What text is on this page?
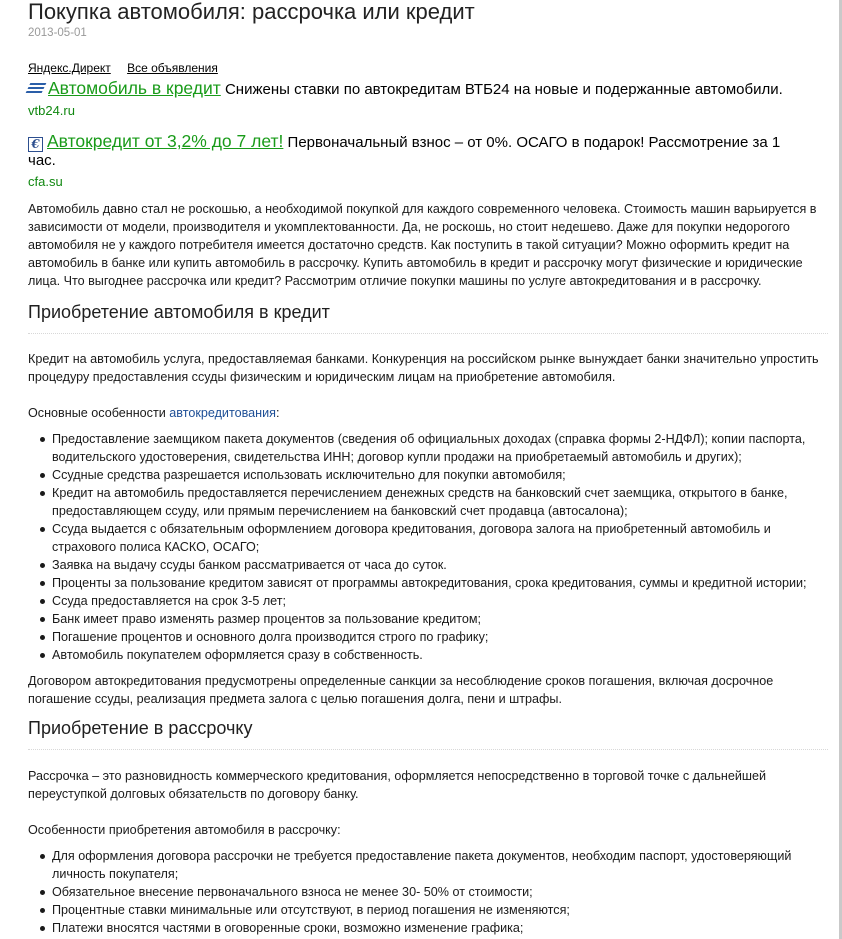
Покупка автомобиля: рассрочка или кредит
2013-05-01
Яндекс.Директ Все объявления
Автомобиль в кредит Снижены ставки по автокредитам ВТБ24 на новые и подержанные автомобили.
vtb24.ru
€ Автокредит от 3,2% до 7 лет! Первоначальный взнос – от 0%. ОСАГО в подарок! Рассмотрение за 1 час.
cfa.su

Автомобиль давно стал не роскошью, а необходимой покупкой для каждого современного человека. Стоимость машин варьируется в зависимости от модели, производителя и укомплектованности. Да, не роскошь, но стоит недешево. Даже для покупки недорогого автомобиля не у каждого потребителя имеется достаточно средств. Как поступить в такой ситуации? Можно оформить кредит на автомобиль в банке или купить автомобиль в рассрочку. Купить автомобиль в кредит и рассрочку могут физические и юридические лица. Что выгоднее рассрочка или кредит? Рассмотрим отличие покупки машины по услуге автокредитования и в рассрочку.

Приобретение автомобиля в кредит

Кредит на автомобиль услуга, предоставляемая банками. Конкуренция на российском рынке вынуждает банки значительно упростить процедуру предоставления ссуды физическим и юридическим лицам на приобретение автомобиля.

Основные особенности автокредитования:

Предоставление заемщиком пакета документов (сведения об официальных доходах (справка формы 2-НДФЛ); копии паспорта, водительского удостоверения, свидетельства ИНН; договор купли продажи на приобретаемый автомобиль и других);
Ссудные средства разрешается использовать исключительно для покупки автомобиля;
Кредит на автомобиль предоставляется перечислением денежных средств на банковский счет заемщика, открытого в банке, предоставляющем ссуду, или прямым перечислением на банковский счет продавца (автосалона);
Ссуда выдается с обязательным оформлением договора кредитования, договора залога на приобретенный автомобиль и страхового полиса КАСКО, ОСАГО;
Заявка на выдачу ссуды банком рассматривается от часа до суток.
Проценты за пользование кредитом зависят от программы автокредитования, срока кредитования, суммы и кредитной истории;
Ссуда предоставляется на срок 3-5 лет;
Банк имеет право изменять размер процентов за пользование кредитом;
Погашение процентов и основного долга производится строго по графику;
Автомобиль покупателем оформляется сразу в собственность.

Договором автокредитования предусмотрены определенные санкции за несоблюдение сроков погашения, включая досрочное погашение ссуды, реализация предмета залога с целью погашения долга, пени и штрафы.

Приобретение в рассрочку

Рассрочка – это разновидность коммерческого кредитования, оформляется непосредственно в торговой точке с дальнейшей переуступкой долговых обязательств по договору банку.

Особенности приобретения автомобиля в рассрочку:

Для оформления договора рассрочки не требуется предоставление пакета документов, необходим паспорт, удостоверяющий личность покупателя;
Обязательное внесение первоначального взноса не менее 30- 50% от стоимости;
Процентные ставки минимальные или отсутствуют, в период погашения не изменяются;
Платежи вносятся частями в оговоренные сроки, возможно изменение графика;
